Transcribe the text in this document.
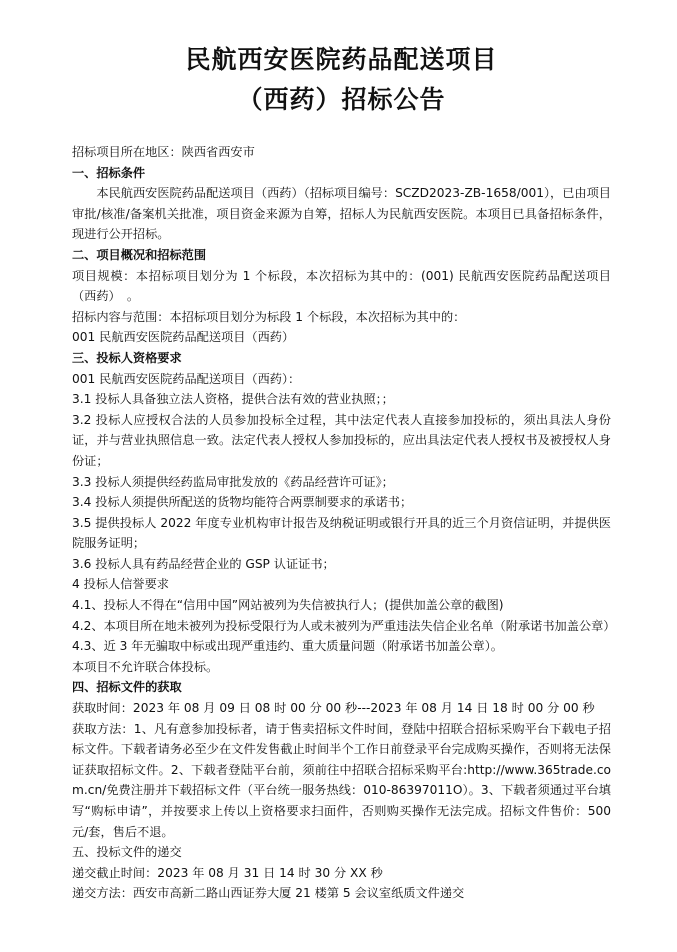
民航西安医院药品配送项目
（西药）招标公告

招标项目所在地区：陕西省西安市

一、招标条件

本民航西安医院药品配送项目（西药）（招标项目编号：SCZD2023-ZB-1658/001），已由项目审批/核准/备案机关批准，项目资金来源为自筹，招标人为民航西安医院。本项目已具备招标条件，现进行公开招标。

二、项目概况和招标范围

项目规模：本招标项目划分为 1 个标段，本次招标为其中的：(001) 民航西安医院药品配送项目（西药）　。

招标内容与范围：本招标项目划分为标段 1 个标段，本次招标为其中的：

001 民航西安医院药品配送项目（西药）

三、投标人资格要求

001 民航西安医院药品配送项目（西药）：

3.1 投标人具备独立法人资格，提供合法有效的营业执照；；

3.2 投标人应授权合法的人员参加投标全过程，其中法定代表人直接参加投标的，须出具法人身份证，并与营业执照信息一致。法定代表人授权人参加投标的，应出具法定代表人授权书及被授权人身份证；

3.3 投标人须提供经药监局审批发放的《药品经营许可证》；

3.4 投标人须提供所配送的货物均能符合两票制要求的承诺书；

3.5 提供投标人 2022 年度专业机构审计报告及纳税证明或银行开具的近三个月资信证明，并提供医院服务证明；

3.6 投标人具有药品经营企业的 GSP 认证证书；

4 投标人信誉要求

4.1、投标人不得在“信用中国”网站被列为失信被执行人；(提供加盖公章的截图)

4.2、本项目所在地未被列为投标受限行为人或未被列为严重违法失信企业名单（附承诺书加盖公章）

4.3、近 3 年无骗取中标或出现严重违约、重大质量问题（附承诺书加盖公章）。

本项目不允许联合体投标。

四、招标文件的获取

获取时间：2023 年 08 月 09 日 08 时 00 分 00 秒---2023 年 08 月 14 日 18 时 00 分 00 秒

获取方法：1、凡有意参加投标者，请于售卖招标文件时间，登陆中招联合招标采购平台下载电子招标文件。下载者请务必至少在文件发售截止时间半个工作日前登录平台完成购买操作，否则将无法保证获取招标文件。2、下载者登陆平台前，须前往中招联合招标采购平台:http://www.365trade.com.cn/免费注册并下载招标文件（平台统一服务热线：010-86397011O）。3、下载者须通过平台填写“购标申请”，并按要求上传以上资格要求扫面件，否则购买操作无法完成。招标文件售价：500 元/套，售后不退。

五、投标文件的递交

递交截止时间：2023 年 08 月 31 日 14 时 30 分 XX 秒

递交方法：西安市高新二路山西证券大厦 21 楼第 5 会议室纸质文件递交
